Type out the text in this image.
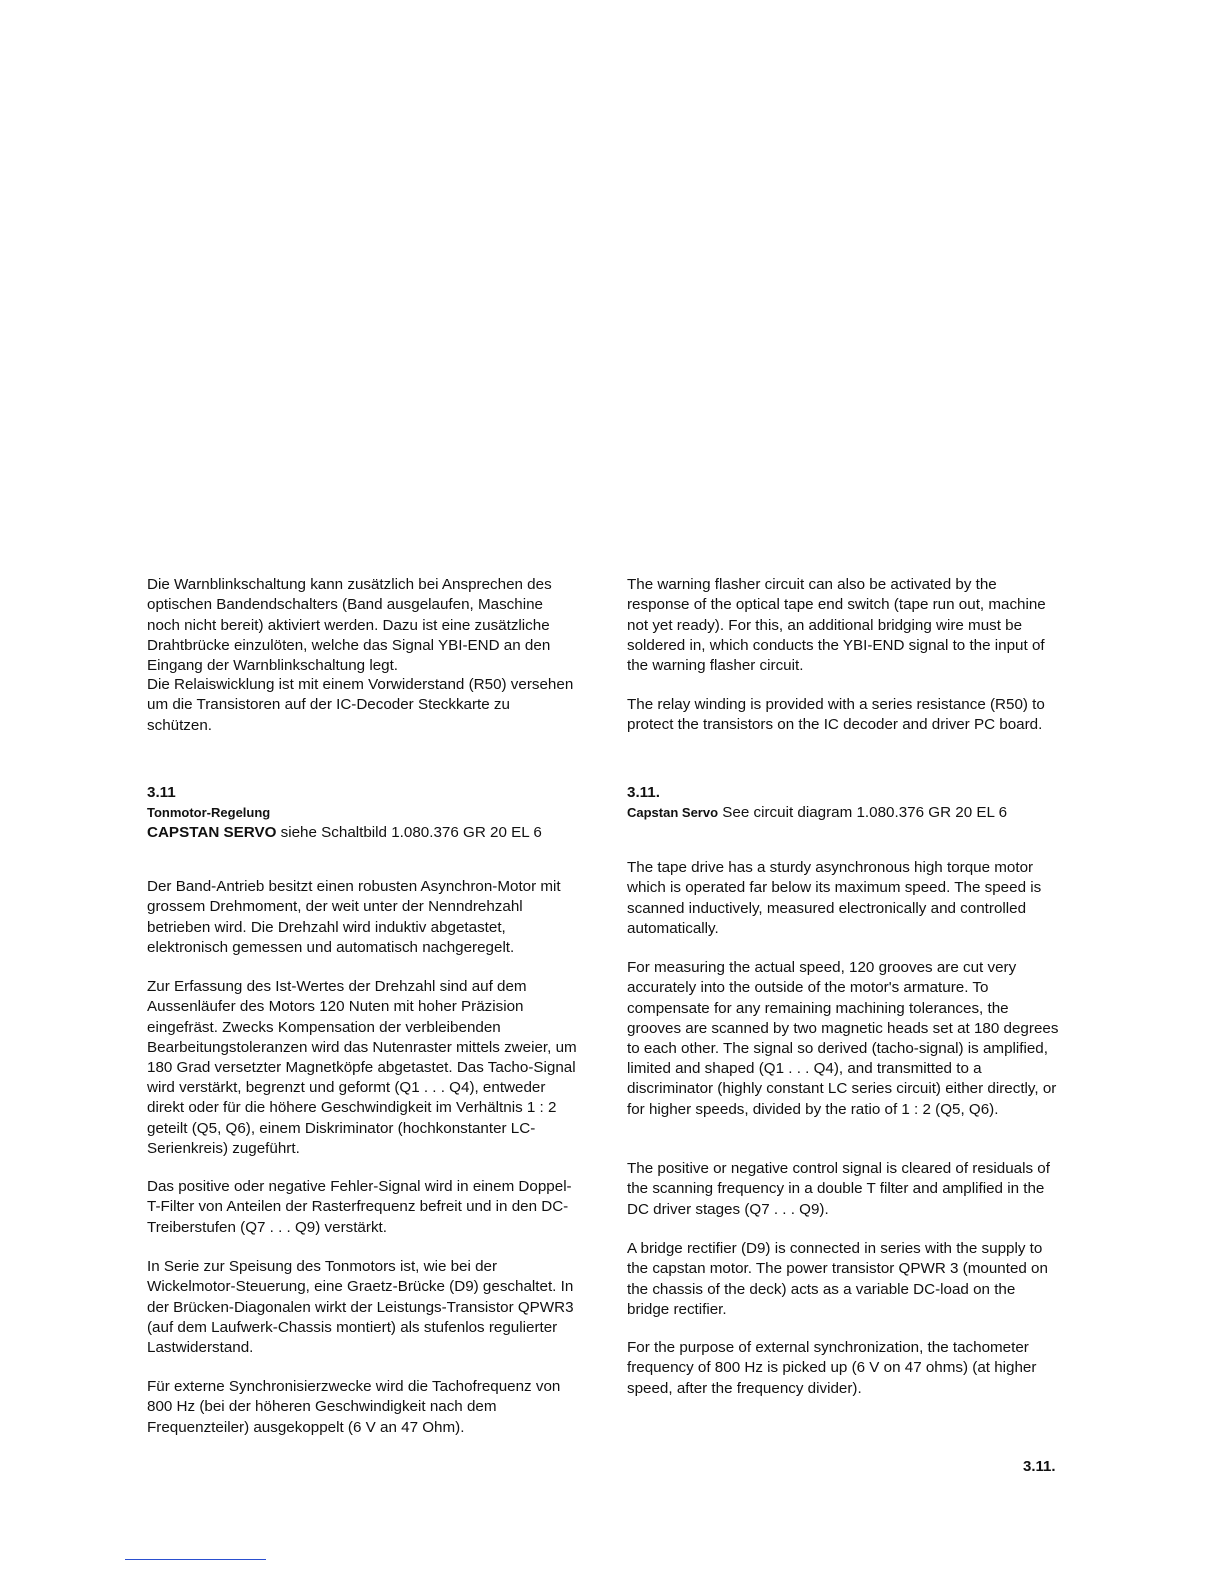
Die Warnblinkschaltung kann zusätzlich bei Ansprechen des optischen Bandendschalters (Band ausgelaufen, Maschine noch nicht bereit) aktiviert werden. Dazu ist eine zusätzliche Drahtbrücke einzulöten, welche das Signal YBI-END an den Eingang der Warnblinkschaltung legt.

Die Relaiswicklung ist mit einem Vorwiderstand (R50) versehen um die Transistoren auf der IC-Decoder Steckkarte zu schützen.

3.11
Tonmotor-Regelung
CAPSTAN SERVO siehe Schaltbild 1.080.376 GR 20 EL 6

Der Band-Antrieb besitzt einen robusten Asynchron-Motor mit grossem Drehmoment, der weit unter der Nenndrehzahl betrieben wird. Die Drehzahl wird induktiv abgetastet, elektronisch gemessen und automatisch nachgeregelt.

Zur Erfassung des Ist-Wertes der Drehzahl sind auf dem Aussenläufer des Motors 120 Nuten mit hoher Präzision eingefräst. Zwecks Kompensation der verbleibenden Bearbeitungstoleranzen wird das Nutenraster mittels zweier, um 180 Grad versetzter Magnetköpfe abgetastet. Das Tacho-Signal wird verstärkt, begrenzt und geformt (Q1 . . . Q4), entweder direkt oder für die höhere Geschwindigkeit im Verhältnis 1 : 2 geteilt (Q5, Q6), einem Diskriminator (hochkonstanter LC-Serienkreis) zugeführt.

Das positive oder negative Fehler-Signal wird in einem Doppel-T-Filter von Anteilen der Rasterfrequenz befreit und in den DC-Treiberstufen (Q7 . . . Q9) verstärkt.

In Serie zur Speisung des Tonmotors ist, wie bei der Wickelmotor-Steuerung, eine Graetz-Brücke (D9) geschaltet. In der Brücken-Diagonalen wirkt der Leistungs-Transistor QPWR3 (auf dem Laufwerk-Chassis montiert) als stufenlos regulierter Lastwiderstand.

Für externe Synchronisierzwecke wird die Tachofrequenz von 800 Hz (bei der höheren Geschwindigkeit nach dem Frequenzteiler) ausgekoppelt (6 V an 47 Ohm).

The warning flasher circuit can also be activated by the response of the optical tape end switch (tape run out, machine not yet ready). For this, an additional bridging wire must be soldered in, which conducts the YBI-END signal to the input of the warning flasher circuit.

The relay winding is provided with a series resistance (R50) to protect the transistors on the IC decoder and driver PC board.

3.11.
Capstan Servo See circuit diagram 1.080.376 GR 20 EL 6

The tape drive has a sturdy asynchronous high torque motor which is operated far below its maximum speed. The speed is scanned inductively, measured electronically and controlled automatically.

For measuring the actual speed, 120 grooves are cut very accurately into the outside of the motor's armature. To compensate for any remaining machining tolerances, the grooves are scanned by two magnetic heads set at 180 degrees to each other. The signal so derived (tacho-signal) is amplified, limited and shaped (Q1 . . . Q4), and transmitted to a discriminator (highly constant LC series circuit) either directly, or for higher speeds, divided by the ratio of 1 : 2 (Q5, Q6).

The positive or negative control signal is cleared of residuals of the scanning frequency in a double T filter and amplified in the DC driver stages (Q7 . . . Q9).

A bridge rectifier (D9) is connected in series with the supply to the capstan motor. The power transistor QPWR 3 (mounted on the chassis of the deck) acts as a variable DC-load on the bridge rectifier.

For the purpose of external synchronization, the tachometer frequency of 800 Hz is picked up (6 V on 47 ohms) (at higher speed, after the frequency divider).

3.11.
